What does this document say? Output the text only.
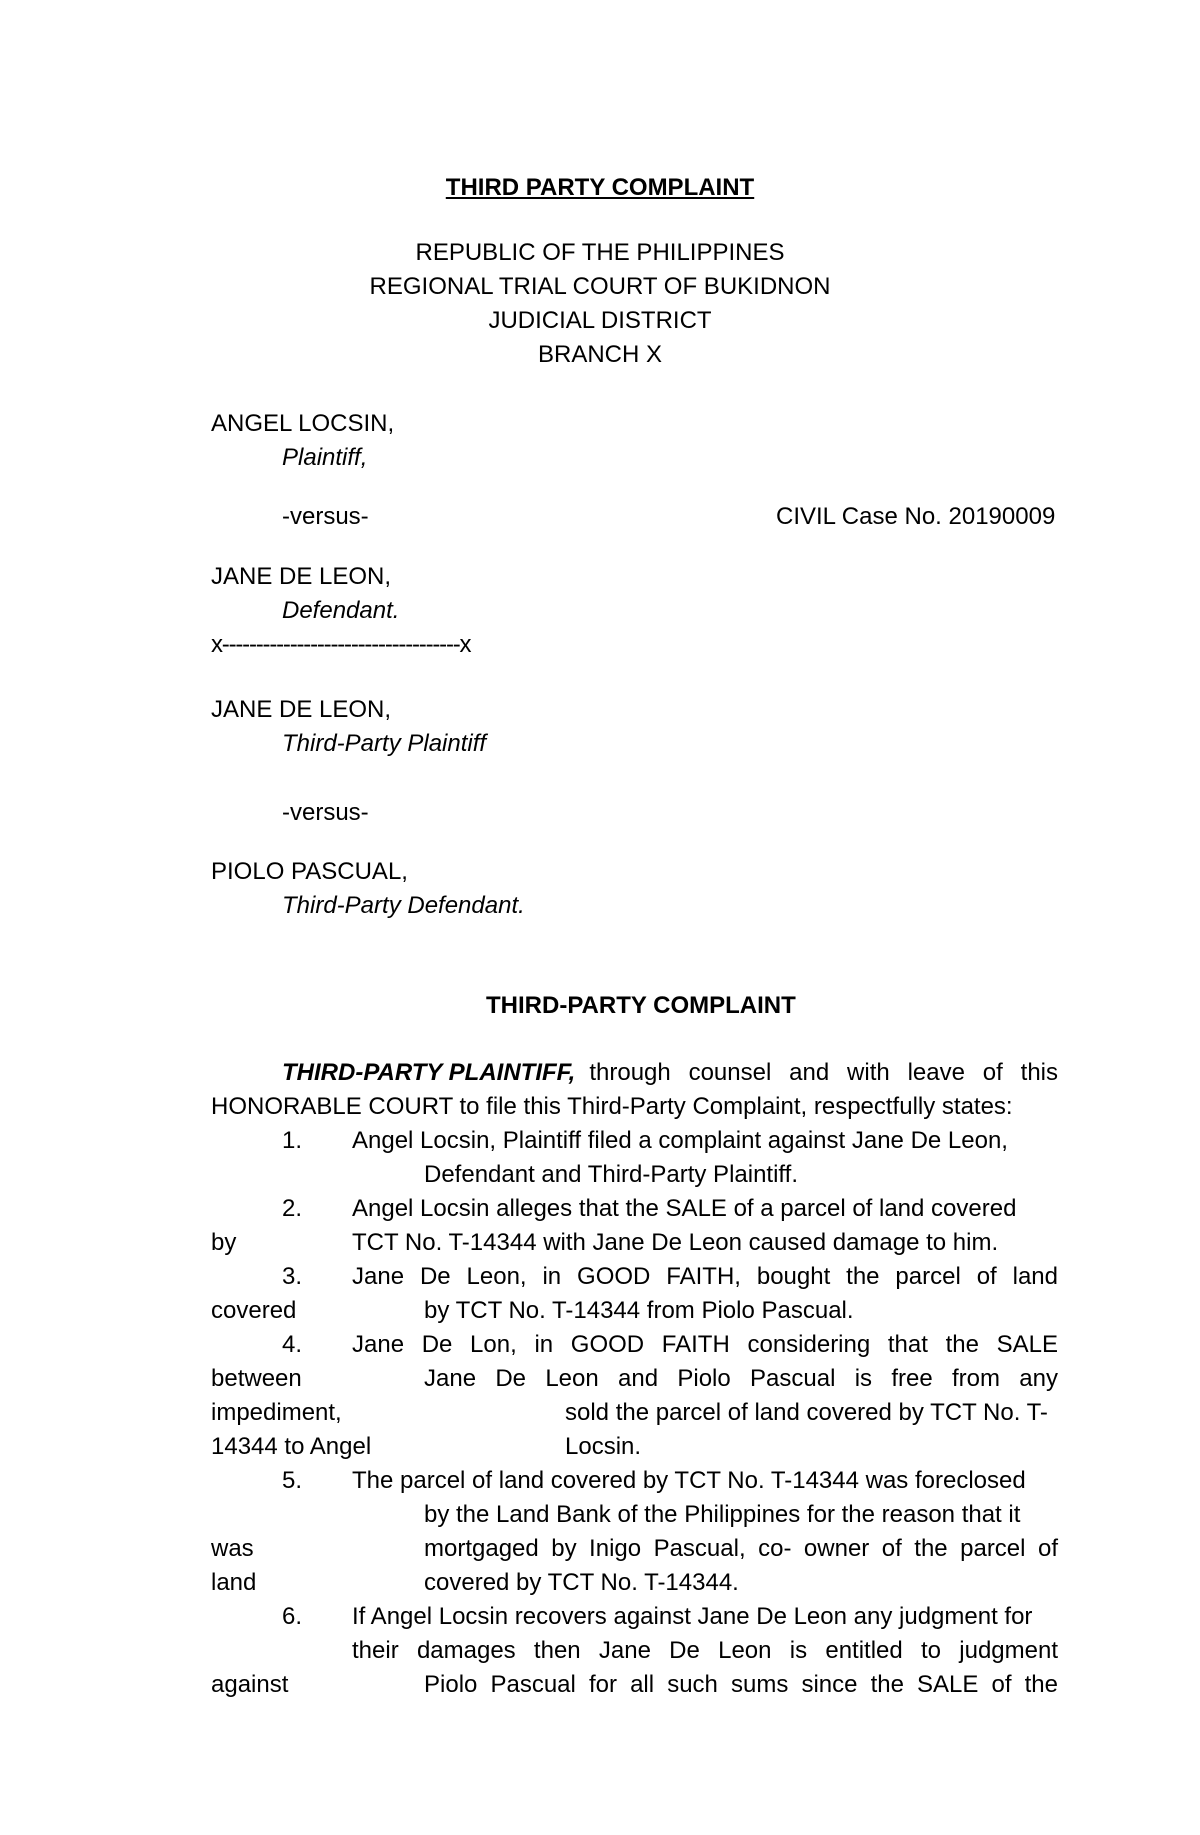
THIRD PARTY COMPLAINT
REPUBLIC OF THE PHILIPPINES
REGIONAL TRIAL COURT OF BUKIDNON
JUDICIAL DISTRICT
BRANCH X
ANGEL LOCSIN,
Plaintiff,
-versus-	CIVIL Case No. 20190009
JANE DE LEON,
Defendant.
x-----------------------------------x
JANE DE LEON,
Third-Party Plaintiff
-versus-
PIOLO PASCUAL,
Third-Party Defendant.
THIRD-PARTY COMPLAINT
THIRD-PARTY PLAINTIFF, through counsel and with leave of this
HONORABLE COURT to file this Third-Party Complaint, respectfully states:
1. Angel Locsin, Plaintiff filed a complaint against Jane De Leon,
Defendant and Third-Party Plaintiff.
2. Angel Locsin alleges that the SALE of a parcel of land covered
by	TCT No. T-14344 with Jane De Leon caused damage to him.
3. Jane De Leon, in GOOD FAITH, bought the parcel of land
covered	by TCT No. T-14344 from Piolo Pascual.
4. Jane De Lon, in GOOD FAITH considering that the SALE
between	Jane De Leon and Piolo Pascual is free from any
impediment,	sold the parcel of land covered by TCT No. T-
14344 to Angel	Locsin.
5. The parcel of land covered by TCT No. T-14344 was foreclosed
by the Land Bank of the Philippines for the reason that it
was	mortgaged by Inigo Pascual, co- owner of the parcel of
land	covered by TCT No. T-14344.
6. If Angel Locsin recovers against Jane De Leon any judgment for
their damages then Jane De Leon is entitled to judgment
against	Piolo Pascual for all such sums since the SALE of the
